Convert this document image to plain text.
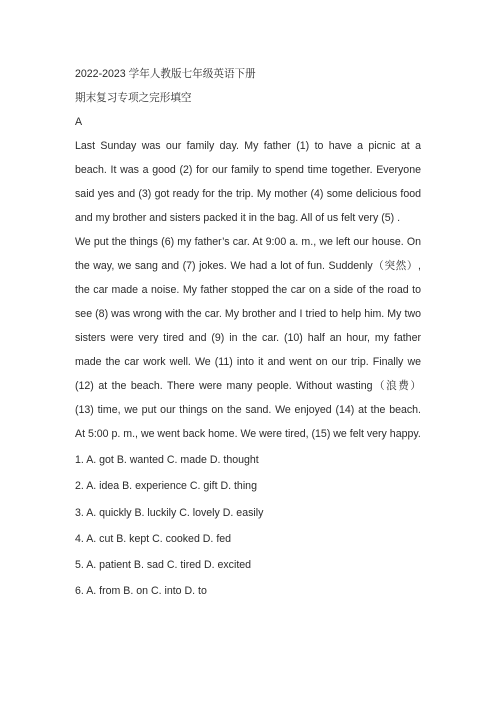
2022-2023 学年人教版七年级英语下册

期末复习专项之完形填空

A

Last Sunday was our family day. My father (1) to have a picnic at a beach. It was a good (2) for our family to spend time together. Everyone said yes and (3) got ready for the trip. My mother (4) some delicious food and my brother and sisters packed it in the bag. All of us felt very (5) .

We put the things (6) my father’s car. At 9:00 a. m., we left our house. On the way, we sang and (7) jokes. We had a lot of fun. Suddenly（突然）, the car made a noise. My father stopped the car on a side of the road to see (8) was wrong with the car. My brother and I tried to help him. My two sisters were very tired and (9) in the car. (10) half an hour, my father made the car work well. We (11) into it and went on our trip. Finally we (12) at the beach. There were many people. Without wasting（浪费） (13) time, we put our things on the sand. We enjoyed (14) at the beach. At 5:00 p. m., we went back home. We were tired, (15) we felt very happy.

1. A. got B. wanted C. made D. thought

2. A. idea B. experience C. gift D. thing

3. A. quickly B. luckily C. lovely D. easily

4. A. cut B. kept C. cooked D. fed

5. A. patient B. sad C. tired D. excited

6. A. from B. on C. into D. to
